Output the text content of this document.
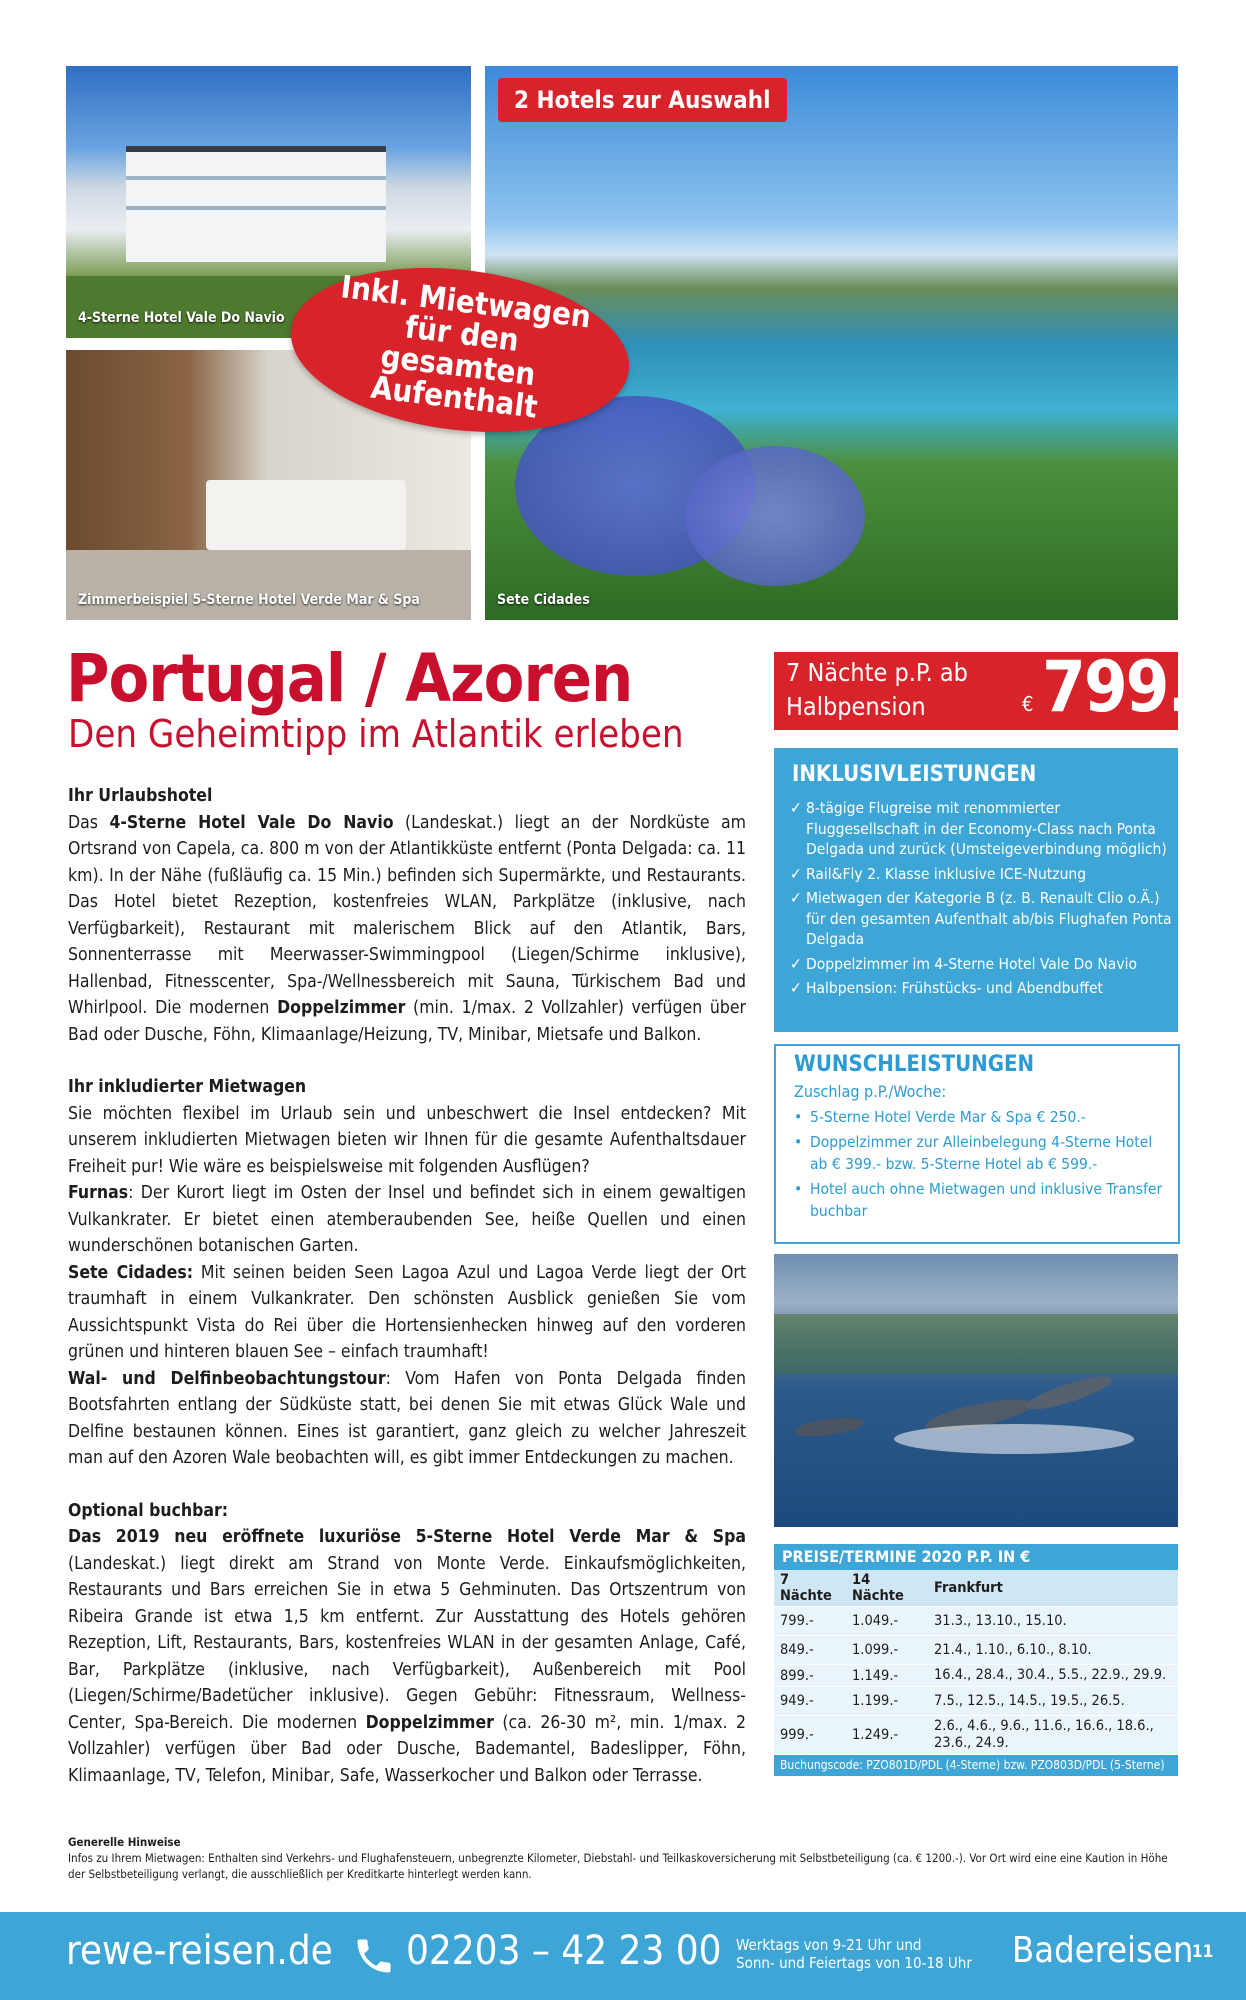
4-Sterne Hotel Vale Do Navio
Zimmerbeispiel 5-Sterne Hotel Verde Mar & Spa	Sete Cidades
2 Hotels zur Auswahl
Inkl. Mietwagen für den gesamten Aufenthalt
Portugal / Azoren
Den Geheimtipp im Atlantik erleben

Ihr Urlaubshotel

Das 4-Sterne Hotel Vale Do Navio (Landeskat.) liegt an der Nordküste am Ortsrand von Capela, ca. 800 m von der Atlantikküste entfernt (Ponta Delgada: ca. 11 km). In der Nähe (fußläufig ca. 15 Min.) befinden sich Supermärkte, und Restaurants. Das Hotel bietet Rezeption, kostenfreies WLAN, Parkplätze (inklusive, nach Verfügbarkeit), Restaurant mit malerischem Blick auf den Atlantik, Bars, Sonnenterrasse mit Meerwasser-Swimmingpool (Liegen/Schirme inklusive), Hallenbad, Fitnesscenter, Spa-/Wellnessbereich mit Sauna, Türkischem Bad und Whirlpool. Die modernen Doppelzimmer (min. 1/max. 2 Vollzahler) verfügen über Bad oder Dusche, Föhn, Klimaanlage/Heizung, TV, Minibar, Mietsafe und Balkon.

Ihr inkludierter Mietwagen

Sie möchten flexibel im Urlaub sein und unbeschwert die Insel entdecken? Mit unserem inkludierten Mietwagen bieten wir Ihnen für die gesamte Aufenthaltsdauer Freiheit pur! Wie wäre es beispielsweise mit folgenden Ausflügen?

Furnas: Der Kurort liegt im Osten der Insel und befindet sich in einem gewaltigen Vulkankrater. Er bietet einen atemberaubenden See, heiße Quellen und einen wunderschönen botanischen Garten.

Sete Cidades: Mit seinen beiden Seen Lagoa Azul und Lagoa Verde liegt der Ort traumhaft in einem Vulkankrater. Den schönsten Ausblick genießen Sie vom Aussichtspunkt Vista do Rei über die Hortensienhecken hinweg auf den vorderen grünen und hinteren blauen See – einfach traumhaft!

Wal- und Delfinbeobachtungstour: Vom Hafen von Ponta Delgada finden Bootsfahrten entlang der Südküste statt, bei denen Sie mit etwas Glück Wale und Delfine bestaunen können. Eines ist garantiert, ganz gleich zu welcher Jahreszeit man auf den Azoren Wale beobachten will, es gibt immer Entdeckungen zu machen.

Optional buchbar:

Das 2019 neu eröffnete luxuriöse 5-Sterne Hotel Verde Mar & Spa (Landeskat.) liegt direkt am Strand von Monte Verde. Einkaufsmöglichkeiten, Restaurants und Bars erreichen Sie in etwa 5 Gehminuten. Das Ortszentrum von Ribeira Grande ist etwa 1,5 km entfernt. Zur Ausstattung des Hotels gehören Rezeption, Lift, Restaurants, Bars, kostenfreies WLAN in der gesamten Anlage, Café, Bar, Parkplätze (inklusive, nach Verfügbarkeit), Außenbereich mit Pool (Liegen/Schirme/Badetücher inklusive). Gegen Gebühr: Fitnessraum, Wellness-Center, Spa-Bereich. Die modernen Doppelzimmer (ca. 26-30 m², min. 1/max. 2 Vollzahler) verfügen über Bad oder Dusche, Bademantel, Badeslipper, Föhn, Klimaanlage, TV, Telefon, Minibar, Safe, Wasserkocher und Balkon oder Terrasse.

Generelle Hinweise
Infos zu Ihrem Mietwagen: Enthalten sind Verkehrs- und Flughafensteuern, unbegrenzte Kilometer, Diebstahl- und Teilkaskoversicherung mit Selbstbeteiligung (ca. € 1200.-). Vor Ort wird eine eine Kaution in Höhe der Selbstbeteiligung verlangt, die ausschließlich per Kreditkarte hinterlegt werden kann.
7 Nächte p.P. ab
Halbpension	€ 799.-
INKLUSIVLEISTUNGEN
✓ 8-tägige Flugreise mit renommierter Fluggesellschaft in der Economy-Class nach Ponta Delgada und zurück (Umsteigeverbindung möglich)
✓ Rail&Fly 2. Klasse inklusive ICE-Nutzung
✓ Mietwagen der Kategorie B (z. B. Renault Clio o.Ä.) für den gesamten Aufenthalt ab/bis Flughafen Ponta Delgada
✓ Doppelzimmer im 4-Sterne Hotel Vale Do Navio
✓ Halbpension: Frühstücks- und Abendbuffet
WUNSCHLEISTUNGEN
Zuschlag p.P./Woche:
• 5-Sterne Hotel Verde Mar & Spa € 250.-
• Doppelzimmer zur Alleinbelegung 4-Sterne Hotel ab € 399.- bzw. 5-Sterne Hotel ab € 599.-
• Hotel auch ohne Mietwagen und inklusive Transfer buchbar
PREISE/TERMINE 2020 P.P. IN €
7 Nächte	14 Nächte	Frankfurt
799.-	1.049.-	31.3., 13.10., 15.10.
849.-	1.099.-	21.4., 1.10., 6.10., 8.10.
899.-	1.149.-	16.4., 28.4., 30.4., 5.5., 22.9., 29.9.
949.-	1.199.-	7.5., 12.5., 14.5., 19.5., 26.5.
999.-	1.249.-	2.6., 4.6., 9.6., 11.6., 16.6., 18.6., 23.6., 24.9.
Buchungscode: PZO801D/PDL (4-Sterne) bzw. PZO803D/PDL (5-Sterne)
rewe-reisen.de 02203 – 42 23 00 Werktags von 9-21 Uhr und
Sonn- und Feiertags von 10-18 Uhr Badereisen
11
